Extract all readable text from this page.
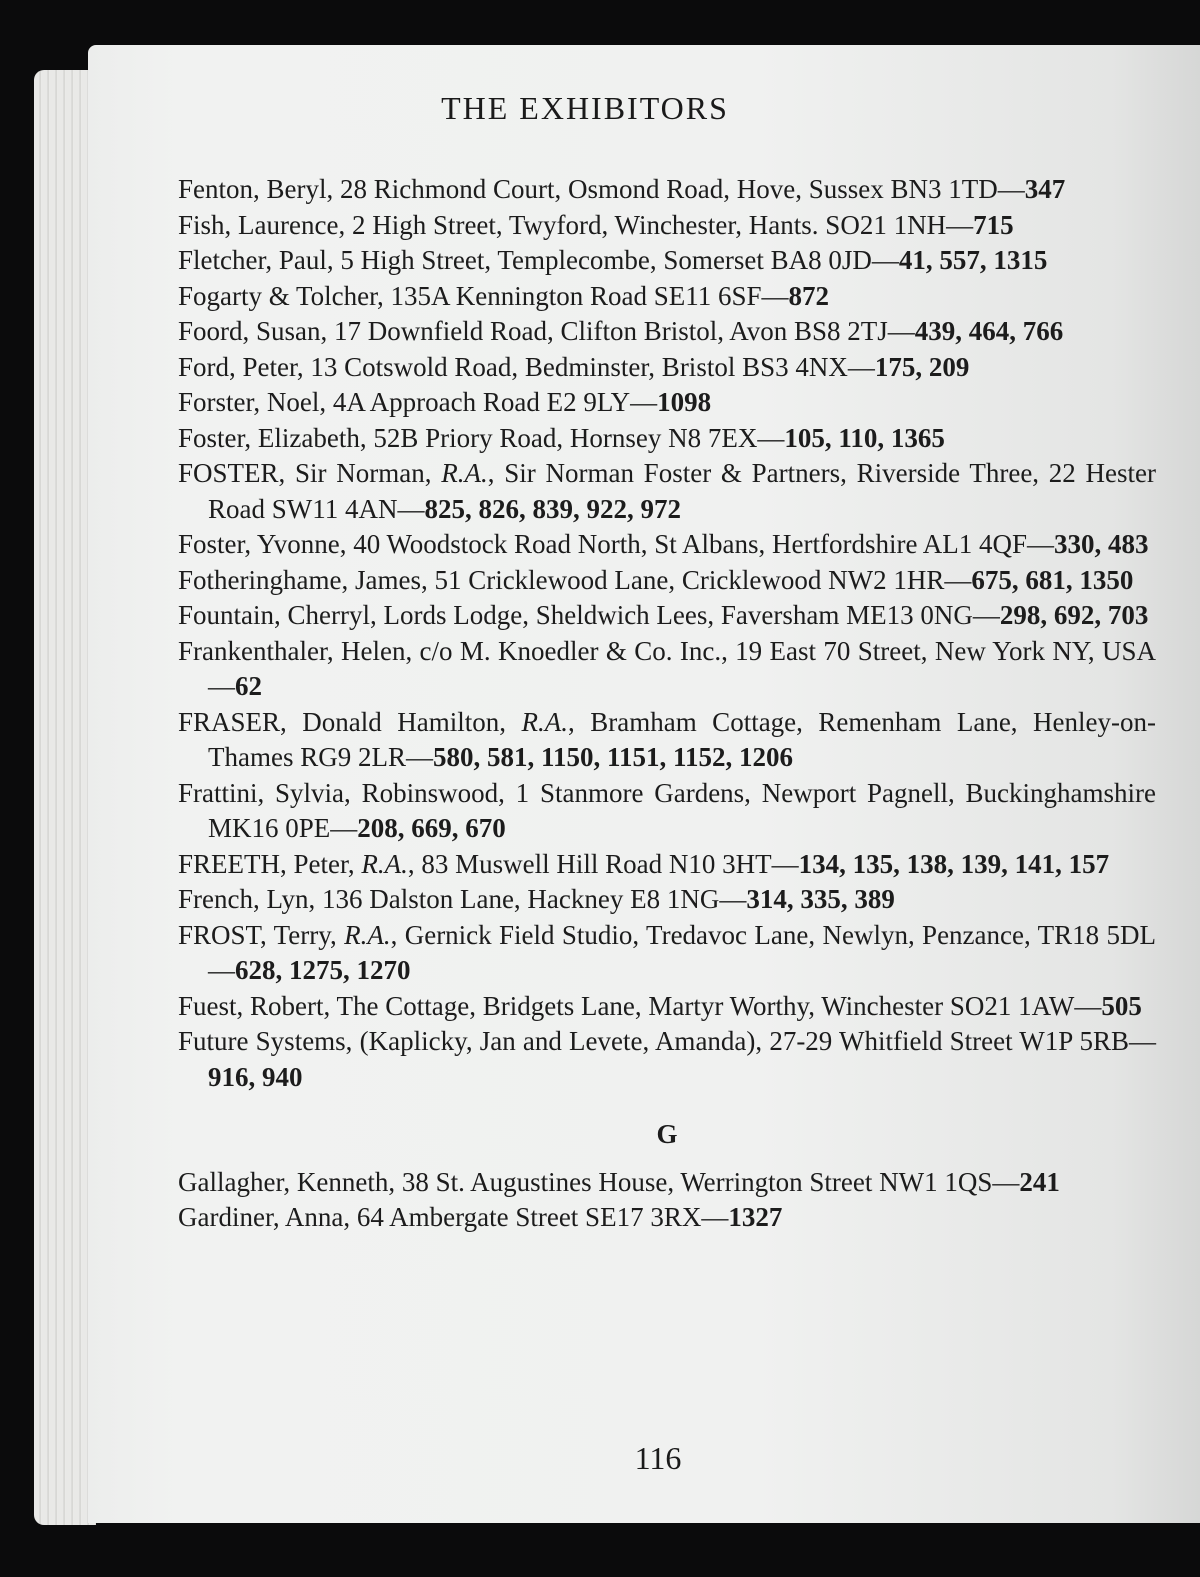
THE EXHIBITORS

Fenton, Beryl, 28 Richmond Court, Osmond Road, Hove, Sussex BN3 1TD—347

Fish, Laurence, 2 High Street, Twyford, Winchester, Hants. SO21 1NH—715

Fletcher, Paul, 5 High Street, Templecombe, Somerset BA8 0JD—41, 557, 1315

Fogarty & Tolcher, 135A Kennington Road SE11 6SF—872

Foord, Susan, 17 Downfield Road, Clifton Bristol, Avon BS8 2TJ—439, 464, 766

Ford, Peter, 13 Cotswold Road, Bedminster, Bristol BS3 4NX—175, 209

Forster, Noel, 4A Approach Road E2 9LY—1098

Foster, Elizabeth, 52B Priory Road, Hornsey N8 7EX—105, 110, 1365

FOSTER, Sir Norman, R.A., Sir Norman Foster & Partners, Riverside Three, 22 Hester Road SW11 4AN—825, 826, 839, 922, 972

Foster, Yvonne, 40 Woodstock Road North, St Albans, Hertfordshire AL1 4QF—330, 483

Fotheringhame, James, 51 Cricklewood Lane, Cricklewood NW2 1HR—675, 681, 1350

Fountain, Cherryl, Lords Lodge, Sheldwich Lees, Faversham ME13 0NG—298, 692, 703

Frankenthaler, Helen, c/o M. Knoedler & Co. Inc., 19 East 70 Street, New York NY, USA—62

FRASER, Donald Hamilton, R.A., Bramham Cottage, Remenham Lane, Henley-on-Thames RG9 2LR—580, 581, 1150, 1151, 1152, 1206

Frattini, Sylvia, Robinswood, 1 Stanmore Gardens, Newport Pagnell, Buckinghamshire MK16 0PE—208, 669, 670

FREETH, Peter, R.A., 83 Muswell Hill Road N10 3HT—134, 135, 138, 139, 141, 157

French, Lyn, 136 Dalston Lane, Hackney E8 1NG—314, 335, 389

FROST, Terry, R.A., Gernick Field Studio, Tredavoc Lane, Newlyn, Penzance, TR18 5DL—628, 1275, 1270

Fuest, Robert, The Cottage, Bridgets Lane, Martyr Worthy, Winchester SO21 1AW—505

Future Systems, (Kaplicky, Jan and Levete, Amanda), 27-29 Whitfield Street W1P 5RB—916, 940

G

Gallagher, Kenneth, 38 St. Augustines House, Werrington Street NW1 1QS—241

Gardiner, Anna, 64 Ambergate Street SE17 3RX—1327

116
